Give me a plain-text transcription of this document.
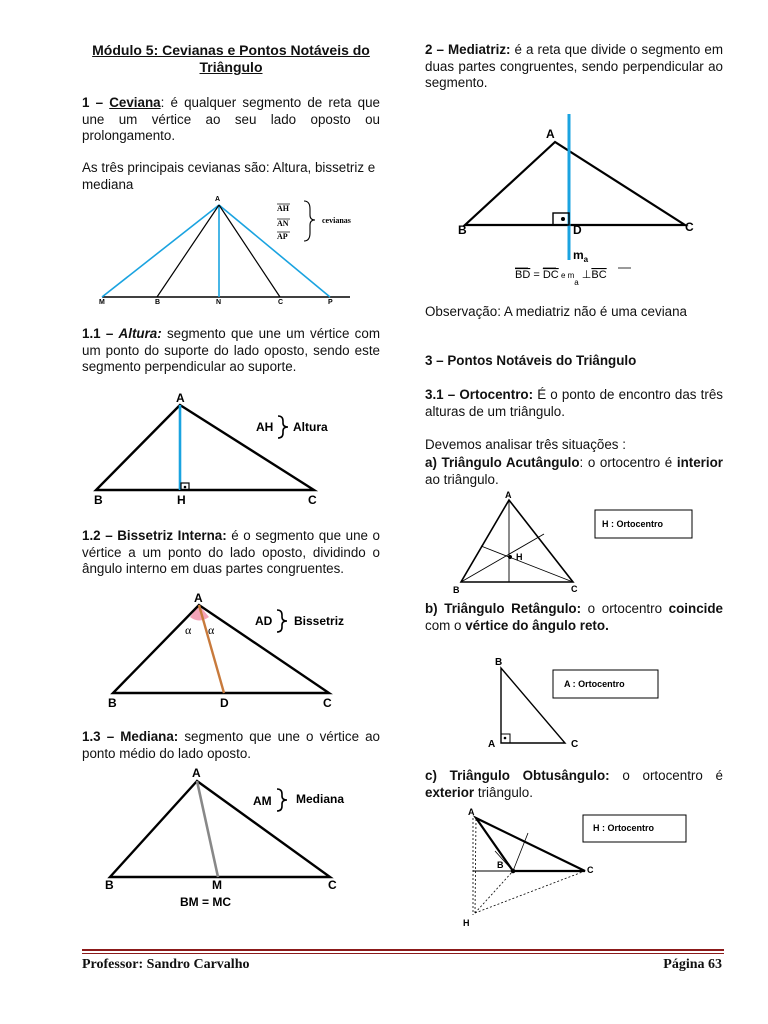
Módulo 5: Cevianas e Pontos Notáveis do Triângulo

1 – Ceviana: é qualquer segmento de reta que une um vértice ao seu lado oposto ou prolongamento.

As três principais cevianas são: Altura, bissetriz e mediana

A
M	B	N	C	P
AH
AN
AP
cevianas

1.1 – Altura: segmento que une um vértice com um ponto do suporte do lado oposto, sendo este segmento perpendicular ao suporte.

A
B	H	C
AH Altura

1.2 – Bissetriz Interna: é o segmento que une o vértice a um ponto do lado oposto, dividindo o ângulo interno em duas partes congruentes.

A
B	D	C
α α
AD Bissetriz

1.3 – Mediana: segmento que une o vértice ao ponto médio do lado oposto.

A
B	M	C
AM Mediana
BM = MC

2 – Mediatriz: é a reta que divide o segmento em duas partes congruentes, sendo perpendicular ao segmento.

A
B	D	C
$m_a$
BD = DC e $m_a$ ⊥BC

Observação: A mediatriz não é uma ceviana

3 – Pontos Notáveis do Triângulo

3.1 – Ortocentro: É o ponto de encontro das três alturas de um triângulo.

Devemos analisar três situações :

a) Triângulo Acutângulo: o ortocentro é interior ao triângulo.

A
B	C
H
H : Ortocentro

b) Triângulo Retângulo: o ortocentro coincide com o vértice do ângulo reto.

B
A	C
A : Ortocentro

c) Triângulo Obtusângulo: o ortocentro é exterior triângulo.

A
B	C
H
H : Ortocentro
Professor: Sandro Carvalho	Página 63
